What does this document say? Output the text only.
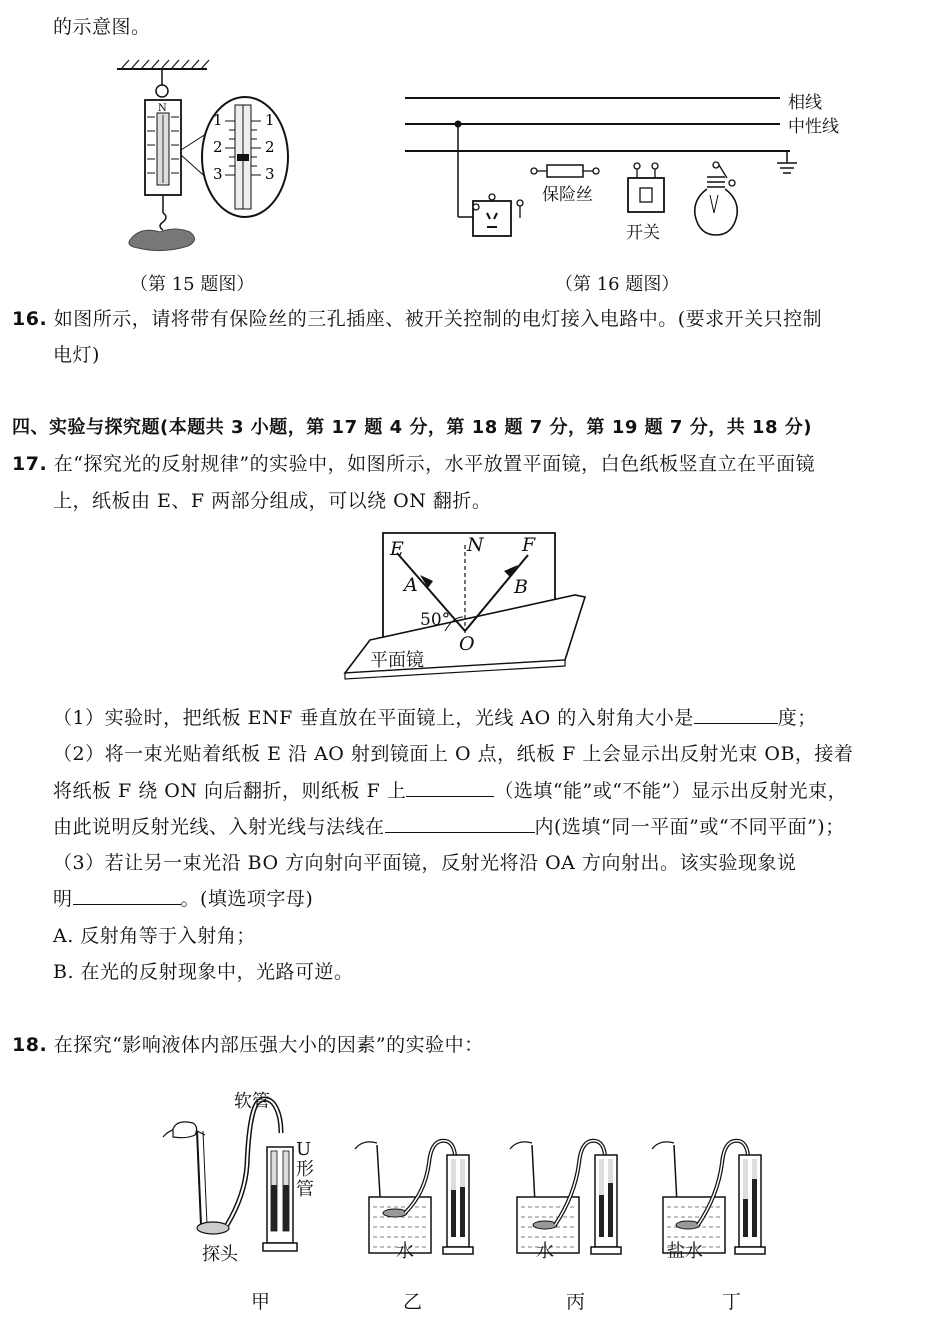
的示意图。
N
1
2
3
1
2
3
（第 15 题图）
相线
中性线
保险丝
开关
（第 16 题图）
16. 如图所示，请将带有保险丝的三孔插座、被开关控制的电灯接入电路中。(要求开关只控制
电灯)
四、实验与探究题(本题共 3 小题，第 17 题 4 分，第 18 题 7 分，第 19 题 7 分，共 18 分)
17. 在“探究光的反射规律”的实验中，如图所示，水平放置平面镜，白色纸板竖直立在平面镜
上，纸板由 E、F 两部分组成，可以绕 ON 翻折。
E	N F
A	B
50°
O
平面镜
（1）实验时，把纸板 ENF 垂直放在平面镜上，光线 AO 的入射角大小是	度；
（2）将一束光贴着纸板 E 沿 AO 射到镜面上 O 点，纸板 F 上会显示出反射光束 OB，接着
将纸板 F 绕 ON 向后翻折，则纸板 F 上	（选填“能”或“不能”）显示出反射光束，
由此说明反射光线、入射光线与法线在	内(选填“同一平面”或“不同平面”)；
（3）若让另一束光沿 BO 方向射向平面镜，反射光将沿 OA 方向射出。该实验现象说
明	。(填选项字母)
A. 反射角等于入射角；
B. 在光的反射现象中，光路可逆。
18. 在探究“影响液体内部压强大小的因素”的实验中：
软管
U形管
探头	水	水	盐水
甲	乙	丙	丁
